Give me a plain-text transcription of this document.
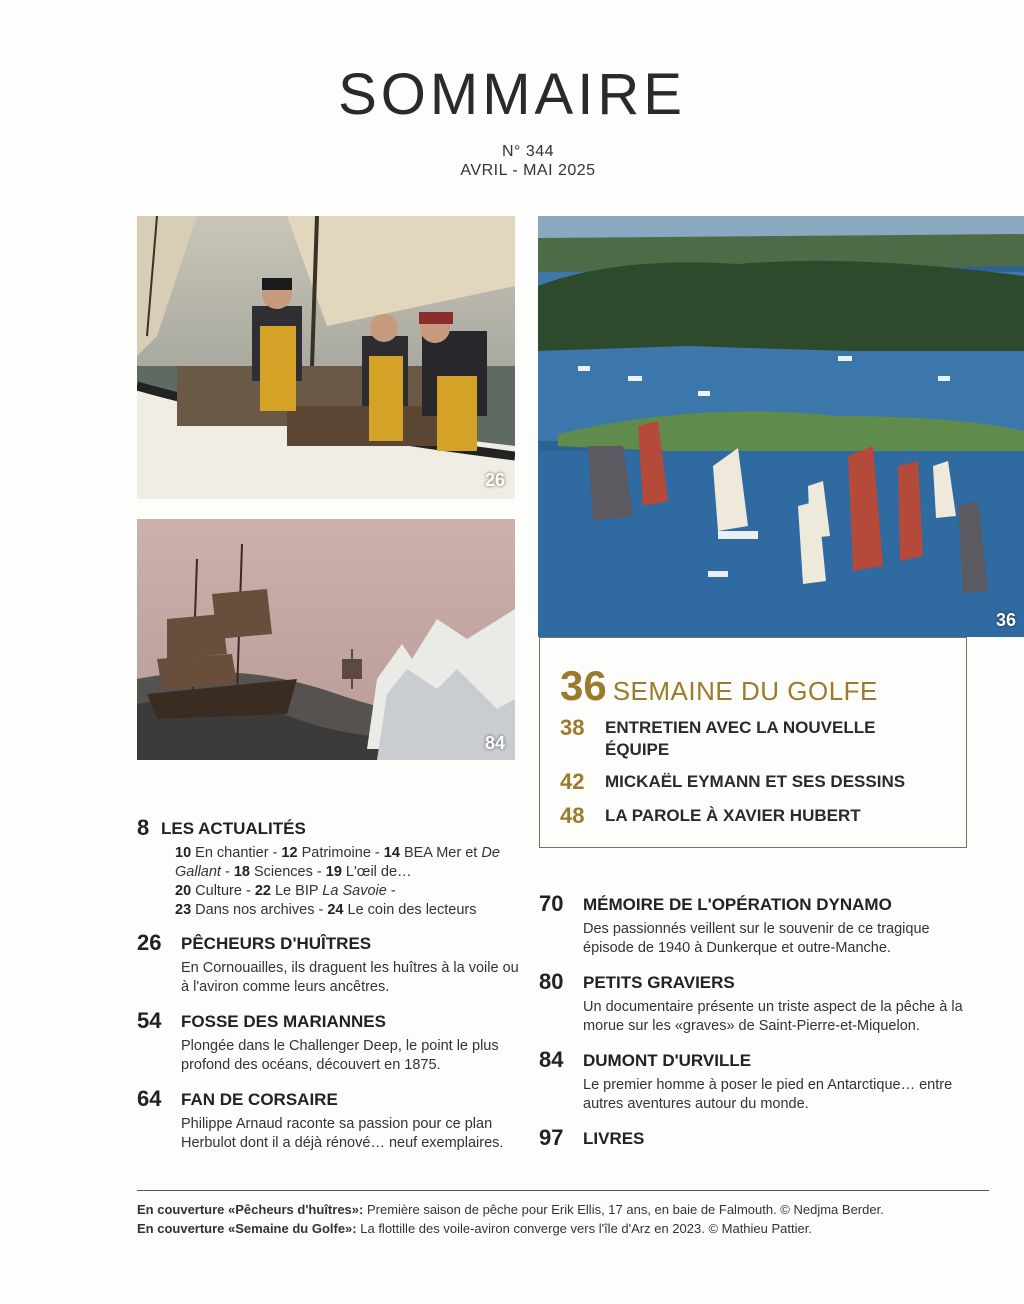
SOMMAIRE
N° 344
AVRIL - MAI 2025
26
84
36
36 SEMAINE DU GOLFE
38 ENTRETIEN AVEC LA NOUVELLE ÉQUIPE
42 MICKAËL EYMANN ET SES DESSINS
48 LA PAROLE À XAVIER HUBERT
8 LES ACTUALITÉS
10 En chantier - 12 Patrimoine - 14 BEA Mer et De Gallant - 18 Sciences - 19 L'œil de…
20 Culture - 22 Le BIP La Savoie -
23 Dans nos archives - 24 Le coin des lecteurs
26 PÊCHEURS D'HUÎTRES
En Cornouailles, ils draguent les huîtres à la voile ou à l'aviron comme leurs ancêtres.
54 FOSSE DES MARIANNES
Plongée dans le Challenger Deep, le point le plus profond des océans, découvert en 1875.
64 FAN DE CORSAIRE
Philippe Arnaud raconte sa passion pour ce plan Herbulot dont il a déjà rénové… neuf exemplaires.
70 MÉMOIRE DE L'OPÉRATION DYNAMO
Des passionnés veillent sur le souvenir de ce tragique épisode de 1940 à Dunkerque et outre-Manche.
80 PETITS GRAVIERS
Un documentaire présente un triste aspect de la pêche à la morue sur les «graves» de Saint-Pierre-et-Miquelon.
84 DUMONT D'URVILLE
Le premier homme à poser le pied en Antarctique… entre autres aventures autour du monde.
97 LIVRES
En couverture «Pêcheurs d'huîtres»: Première saison de pêche pour Erik Ellis, 17 ans, en baie de Falmouth. © Nedjma Berder.
En couverture «Semaine du Golfe»: La flottille des voile-aviron converge vers l'île d'Arz en 2023. © Mathieu Pattier.
